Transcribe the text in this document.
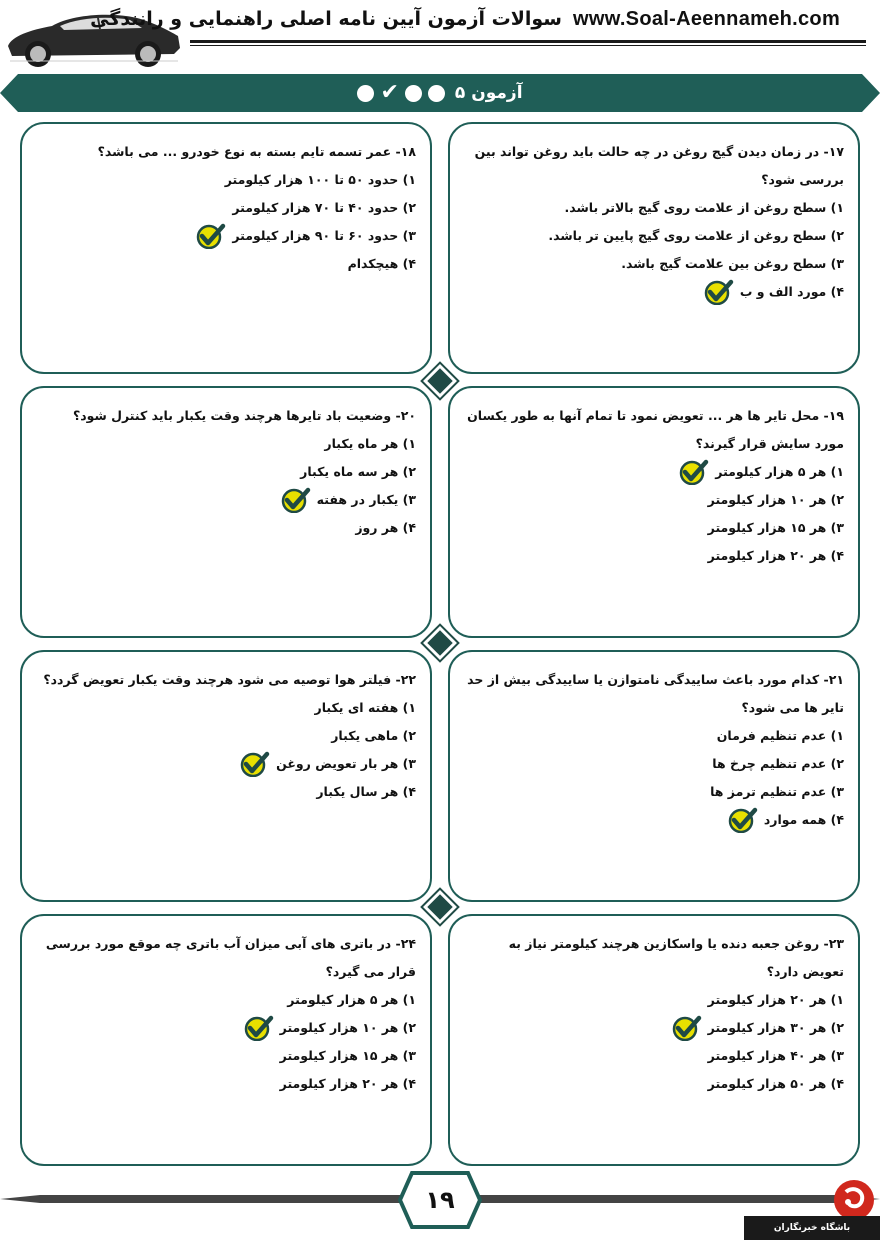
سوالات آزمون آیین نامه اصلی راهنمایی و رانندگی www.Soal-Aeennameh.com
آزمون ۵
✔
۱۷- در زمان دیدن گیج روغن در چه حالت باید روغن تواند بین بررسی شود؟
۱) سطح روغن از علامت روی گیج بالاتر باشد.
۲) سطح روغن از علامت روی گیج پایین تر باشد.
۳) سطح روغن بین علامت گیج باشد.
۴) مورد الف و ب
۱۸- عمر تسمه تایم بسته به نوع خودرو ... می باشد؟
۱) حدود ۵۰ تا ۱۰۰ هزار کیلومتر
۲) حدود ۴۰ تا ۷۰ هزار کیلومتر
۳) حدود ۶۰ تا ۹۰ هزار کیلومتر
۴) هیچکدام
۱۹- محل تایر ها هر ... تعویض نمود تا تمام آنها به طور یکسان مورد سایش قرار گیرند؟
۱) هر ۵ هزار کیلومتر
۲) هر ۱۰ هزار کیلومتر
۳) هر ۱۵ هزار کیلومتر
۴) هر ۲۰ هزار کیلومتر
۲۰- وضعیت باد تایرها هرچند وقت یکبار باید کنترل شود؟
۱) هر ماه یکبار
۲) هر سه ماه یکبار
۳) یکبار در هفته
۴) هر روز
۲۱- کدام مورد باعث ساییدگی نامتوازن یا ساییدگی بیش از حد تایر ها می شود؟
۱) عدم تنظیم فرمان
۲) عدم تنظیم چرخ ها
۳) عدم تنظیم ترمز ها
۴) همه موارد
۲۲- فیلتر هوا توصیه می شود هرچند وقت یکبار تعویض گردد؟
۱) هفته ای یکبار
۲) ماهی یکبار
۳) هر بار تعویض روغن
۴) هر سال یکبار
۲۳- روغن جعبه دنده یا واسکازین هرچند کیلومتر نیاز به تعویض دارد؟
۱) هر ۲۰ هزار کیلومتر
۲) هر ۳۰ هزار کیلومتر
۳) هر ۴۰ هزار کیلومتر
۴) هر ۵۰ هزار کیلومتر
۲۴- در باتری های آبی میزان آب باتری چه موقع مورد بررسی قرار می گیرد؟
۱) هر ۵ هزار کیلومتر
۲) هر ۱۰ هزار کیلومتر
۳) هر ۱۵ هزار کیلومتر
۴) هر ۲۰ هزار کیلومتر
۱۹
باشگاه خبرنگاران
